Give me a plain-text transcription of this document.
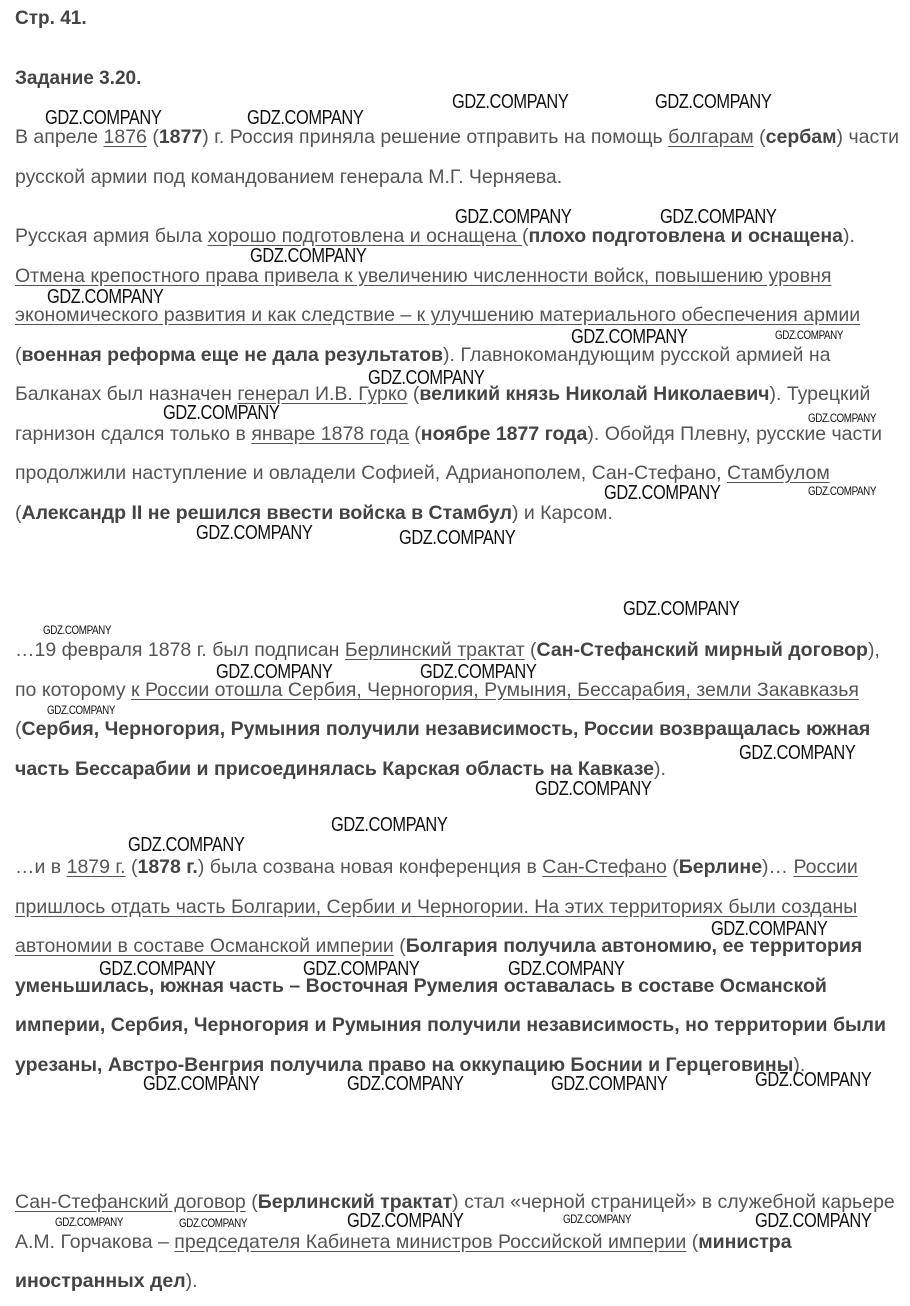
Стр. 41.
Задание 3.20.

В апреле 1876 (1877) г. Россия приняла решение отправить на помощь болгарам (сербам) части русской армии под командованием генерала М.Г. Черняева.

Русская армия была хорошо подготовлена и оснащена (плохо подготовлена и оснащена). Отмена крепостного права привела к увеличению численности войск, повышению уровня экономического развития и как следствие – к улучшению материального обеспечения армии (военная реформа еще не дала результатов). Главнокомандующим русской армией на Балканах был назначен генерал И.В. Гурко (великий князь Николай Николаевич). Турецкий гарнизон сдался только в январе 1878 года (ноябре 1877 года). Обойдя Плевну, русские части продолжили наступление и овладели Софией, Адрианополем, Сан-Стефано, Стамбулом (Александр II не решился ввести войска в Стамбул) и Карсом.

…19 февраля 1878 г. был подписан Берлинский трактат (Сан-Стефанский мирный договор), по которому к России отошла Сербия, Черногория, Румыния, Бессарабия, земли Закавказья (Сербия, Черногория, Румыния получили независимость, России возвращалась южная часть Бессарабии и присоединялась Карская область на Кавказе).

…и в 1879 г. (1878 г.) была созвана новая конференция в Сан-Стефано (Берлине)… России пришлось отдать часть Болгарии, Сербии и Черногории. На этих территориях были созданы автономии в составе Османской империи (Болгария получила автономию, ее территория уменьшилась, южная часть – Восточная Румелия оставалась в составе Османской империи, Сербия, Черногория и Румыния получили независимость, но территории были урезаны, Австро-Венгрия получила право на оккупацию Боснии и Герцеговины).

Сан-Стефанский договор (Берлинский трактат) стал «черной страницей» в служебной карьере А.М. Горчакова – председателя Кабинета министров Российской империи (министра иностранных дел).

GDZ.COMPANY	GDZ.COMPANY
GDZ.COMPANY	GDZ.COMPANY
GDZ.COMPANY	GDZ.COMPANY
GDZ.COMPANY
GDZ.COMPANY
GDZ.COMPANY	GDZ.COMPANY
GDZ.COMPANY
GDZ.COMPANY	GDZ.COMPANY
GDZ.COMPANY	GDZ.COMPANY
GDZ.COMPANY	GDZ.COMPANY
GDZ.COMPANY
GDZ.COMPANY
GDZ.COMPANY	GDZ.COMPANY
GDZ.COMPANY
GDZ.COMPANY
GDZ.COMPANY
GDZ.COMPANY
GDZ.COMPANY
GDZ.COMPANY
GDZ.COMPANY	GDZ.COMPANY	GDZ.COMPANY
GDZ.COMPANY	GDZ.COMPANY	GDZ.COMPANY	GDZ.COMPANY
GDZ.COMPANY	GDZ.COMPANY	GDZ.COMPANY	GDZ.COMPANY	GDZ.COMPANY
